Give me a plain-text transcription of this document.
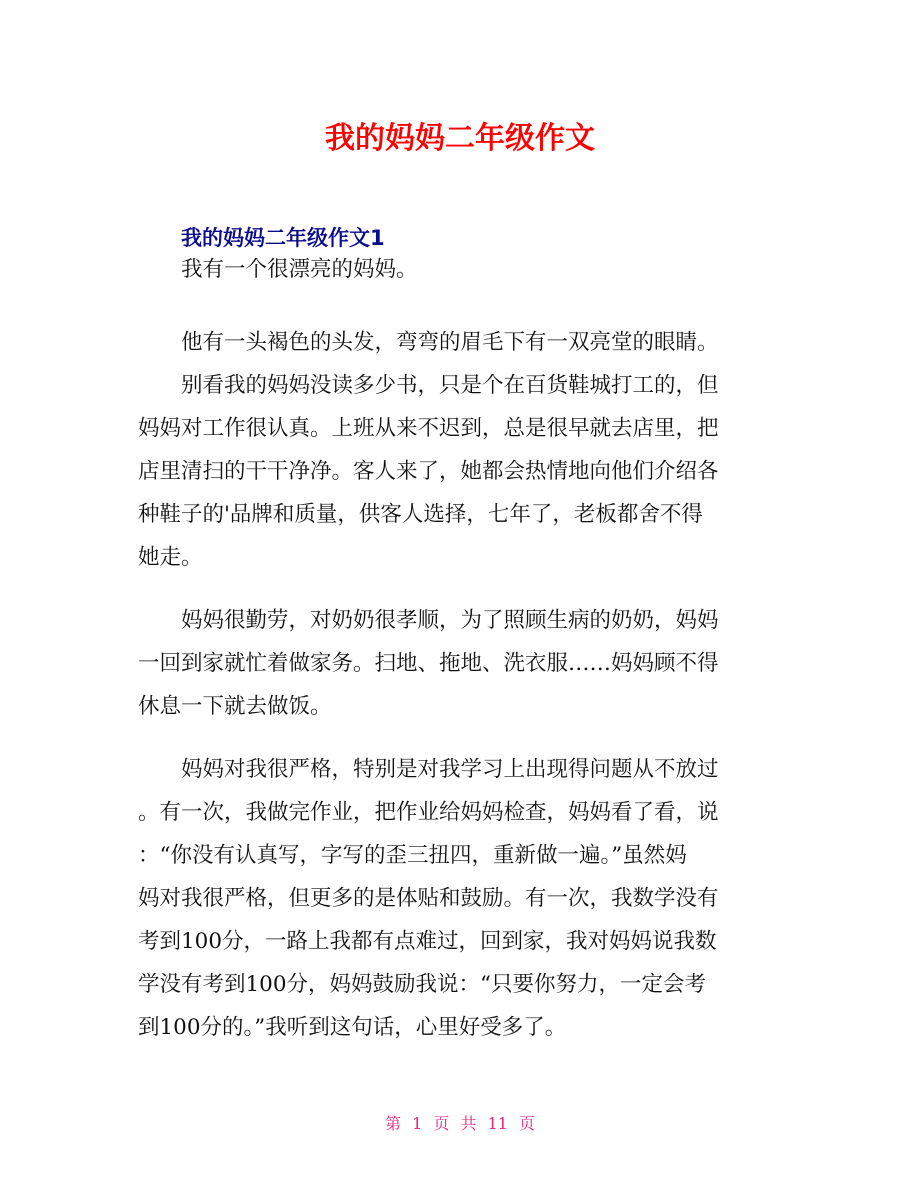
我的妈妈二年级作文
我的妈妈二年级作文1
我有一个很漂亮的妈妈。
他有一头褐色的头发，弯弯的眉毛下有一双亮堂的眼睛。
别看我的妈妈没读多少书，只是个在百货鞋城打工的，但
妈妈对工作很认真。上班从来不迟到，总是很早就去店里，把
店里清扫的干干净净。客人来了，她都会热情地向他们介绍各
种鞋子的'品牌和质量，供客人选择，七年了，老板都舍不得
她走。
妈妈很勤劳，对奶奶很孝顺，为了照顾生病的奶奶，妈妈
一回到家就忙着做家务。扫地、拖地、洗衣服……妈妈顾不得
休息一下就去做饭。
妈妈对我很严格，特别是对我学习上出现得问题从不放过
。有一次，我做完作业，把作业给妈妈检查，妈妈看了看，说
：“你没有认真写，字写的歪三扭四，重新做一遍。”虽然妈
妈对我很严格，但更多的是体贴和鼓励。有一次，我数学没有
考到100分，一路上我都有点难过，回到家，我对妈妈说我数
学没有考到100分，妈妈鼓励我说：“只要你努力，一定会考
到100分的。”我听到这句话，心里好受多了。
第 1 页 共 11 页
